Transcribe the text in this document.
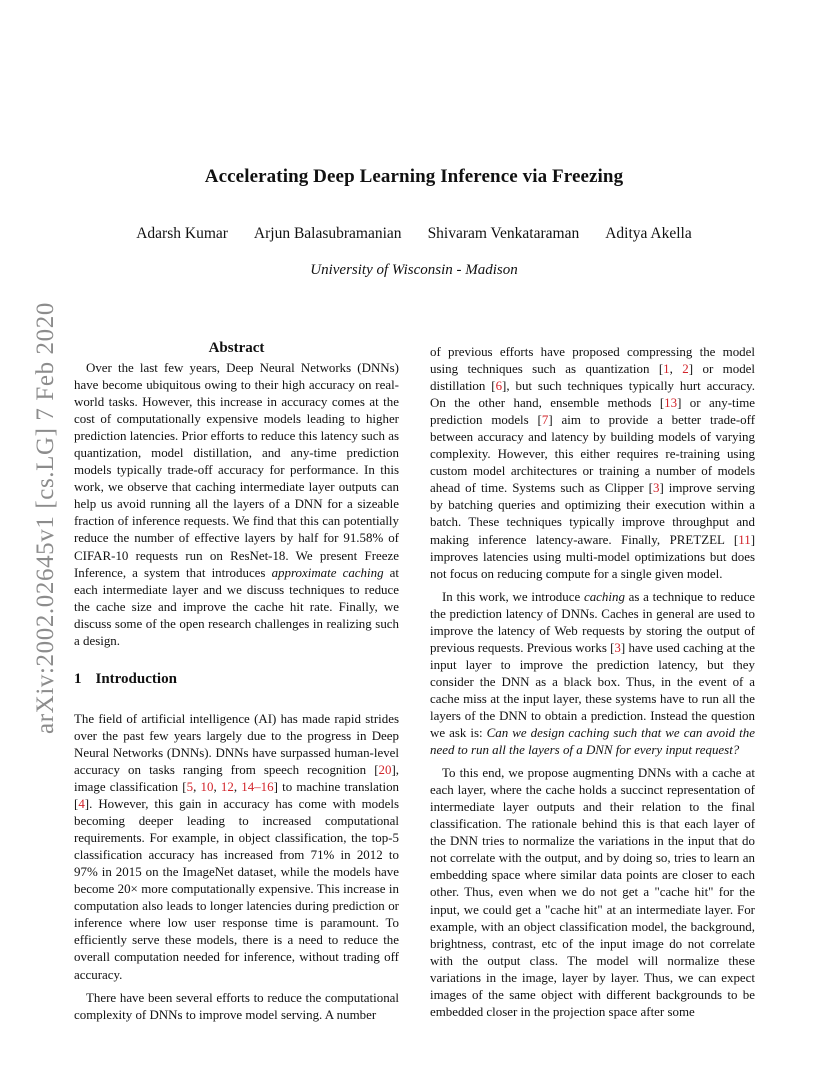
Accelerating Deep Learning Inference via Freezing
Adarsh Kumar Arjun Balasubramanian Shivaram Venkataraman Aditya Akella
University of Wisconsin - Madison
arXiv:2002.02645v1 [cs.LG] 7 Feb 2020	Abstract

Over the last few years, Deep Neural Networks (DNNs) have become ubiquitous owing to their high accuracy on real-world tasks. However, this increase in accuracy comes at the cost of computationally expensive models leading to higher prediction latencies. Prior efforts to reduce this latency such as quantization, model distillation, and any-time prediction models typically trade-off accuracy for performance. In this work, we observe that caching intermediate layer outputs can help us avoid running all the layers of a DNN for a sizeable fraction of inference requests. We find that this can potentially reduce the number of effective layers by half for 91.58% of CIFAR-10 requests run on ResNet-18. We present Freeze Inference, a system that introduces approximate caching at each intermediate layer and we discuss techniques to reduce the cache size and improve the cache hit rate. Finally, we discuss some of the open research challenges in realizing such a design.

1 Introduction

The field of artificial intelligence (AI) has made rapid strides over the past few years largely due to the progress in Deep Neural Networks (DNNs). DNNs have surpassed human-level accuracy on tasks ranging from speech recognition [20], image classification [5, 10, 12, 14–16] to machine translation [4]. However, this gain in accuracy has come with models becoming deeper leading to increased computational requirements. For example, in object classification, the top-5 classification accuracy has increased from 71% in 2012 to 97% in 2015 on the ImageNet dataset, while the models have become 20× more computationally expensive. This increase in computation also leads to longer latencies during prediction or inference where low user response time is paramount. To efficiently serve these models, there is a need to reduce the overall computation needed for inference, without trading off accuracy.

There have been several efforts to reduce the computational complexity of DNNs to improve model serving. A number

of previous efforts have proposed compressing the model using techniques such as quantization [1, 2] or model distillation [6], but such techniques typically hurt accuracy. On the other hand, ensemble methods [13] or any-time prediction models [7] aim to provide a better trade-off between accuracy and latency by building models of varying complexity. However, this either requires re-training using custom model architectures or training a number of models ahead of time. Systems such as Clipper [3] improve serving by batching queries and optimizing their execution within a batch. These techniques typically improve throughput and making inference latency-aware. Finally, PRETZEL [11] improves latencies using multi-model optimizations but does not focus on reducing compute for a single given model.

In this work, we introduce caching as a technique to reduce the prediction latency of DNNs. Caches in general are used to improve the latency of Web requests by storing the output of previous requests. Previous works [3] have used caching at the input layer to improve the prediction latency, but they consider the DNN as a black box. Thus, in the event of a cache miss at the input layer, these systems have to run all the layers of the DNN to obtain a prediction. Instead the question we ask is: Can we design caching such that we can avoid the need to run all the layers of a DNN for every input request?

To this end, we propose augmenting DNNs with a cache at each layer, where the cache holds a succinct representation of intermediate layer outputs and their relation to the final classification. The rationale behind this is that each layer of the DNN tries to normalize the variations in the input that do not correlate with the output, and by doing so, tries to learn an embedding space where similar data points are closer to each other. Thus, even when we do not get a "cache hit" for the input, we could get a "cache hit" at an intermediate layer. For example, with an object classification model, the background, brightness, contrast, etc of the input image do not correlate with the output class. The model will normalize these variations in the image, layer by layer. Thus, we can expect images of the same object with different backgrounds to be embedded closer in the projection space after some
